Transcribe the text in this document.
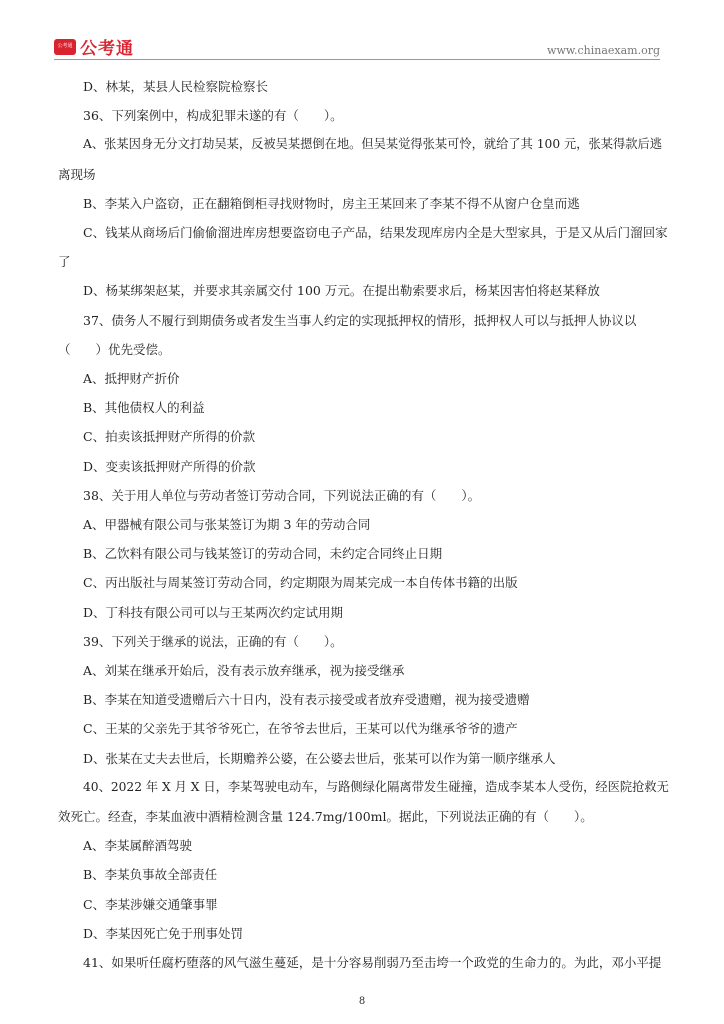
公考通 公考通	www.chinaexam.org

D、林某，某县人民检察院检察长

36、下列案例中，构成犯罪未遂的有（　　）。

A、张某因身无分文打劫吴某，反被吴某摁倒在地。但吴某觉得张某可怜，就给了其 100 元，张某得款后逃

离现场

B、李某入户盗窃，正在翻箱倒柜寻找财物时，房主王某回来了李某不得不从窗户仓皇而逃

C、钱某从商场后门偷偷溜进库房想要盗窃电子产品，结果发现库房内全是大型家具，于是又从后门溜回家

了

D、杨某绑架赵某，并要求其亲属交付 100 万元。在提出勒索要求后，杨某因害怕将赵某释放

37、债务人不履行到期债务或者发生当事人约定的实现抵押权的情形，抵押权人可以与抵押人协议以

（　　）优先受偿。

A、抵押财产折价

B、其他债权人的利益

C、拍卖该抵押财产所得的价款

D、变卖该抵押财产所得的价款

38、关于用人单位与劳动者签订劳动合同，下列说法正确的有（　　）。

A、甲器械有限公司与张某签订为期 3 年的劳动合同

B、乙饮料有限公司与钱某签订的劳动合同，未约定合同终止日期

C、丙出版社与周某签订劳动合同，约定期限为周某完成一本自传体书籍的出版

D、丁科技有限公司可以与王某两次约定试用期

39、下列关于继承的说法，正确的有（　　）。

A、刘某在继承开始后，没有表示放弃继承，视为接受继承

B、李某在知道受遗赠后六十日内，没有表示接受或者放弃受遗赠，视为接受遗赠

C、王某的父亲先于其爷爷死亡，在爷爷去世后，王某可以代为继承爷爷的遗产

D、张某在丈夫去世后，长期赡养公婆，在公婆去世后，张某可以作为第一顺序继承人

40、2022 年 X 月 X 日，李某驾驶电动车，与路侧绿化隔离带发生碰撞，造成李某本人受伤，经医院抢救无

效死亡。经查，李某血液中酒精检测含量 124.7mg/100ml。据此，下列说法正确的有（　　）。

A、李某属醉酒驾驶

B、李某负事故全部责任

C、李某涉嫌交通肇事罪

D、李某因死亡免于刑事处罚

41、如果听任腐朽堕落的风气滋生蔓延，是十分容易削弱乃至击垮一个政党的生命力的。为此，邓小平提

8
